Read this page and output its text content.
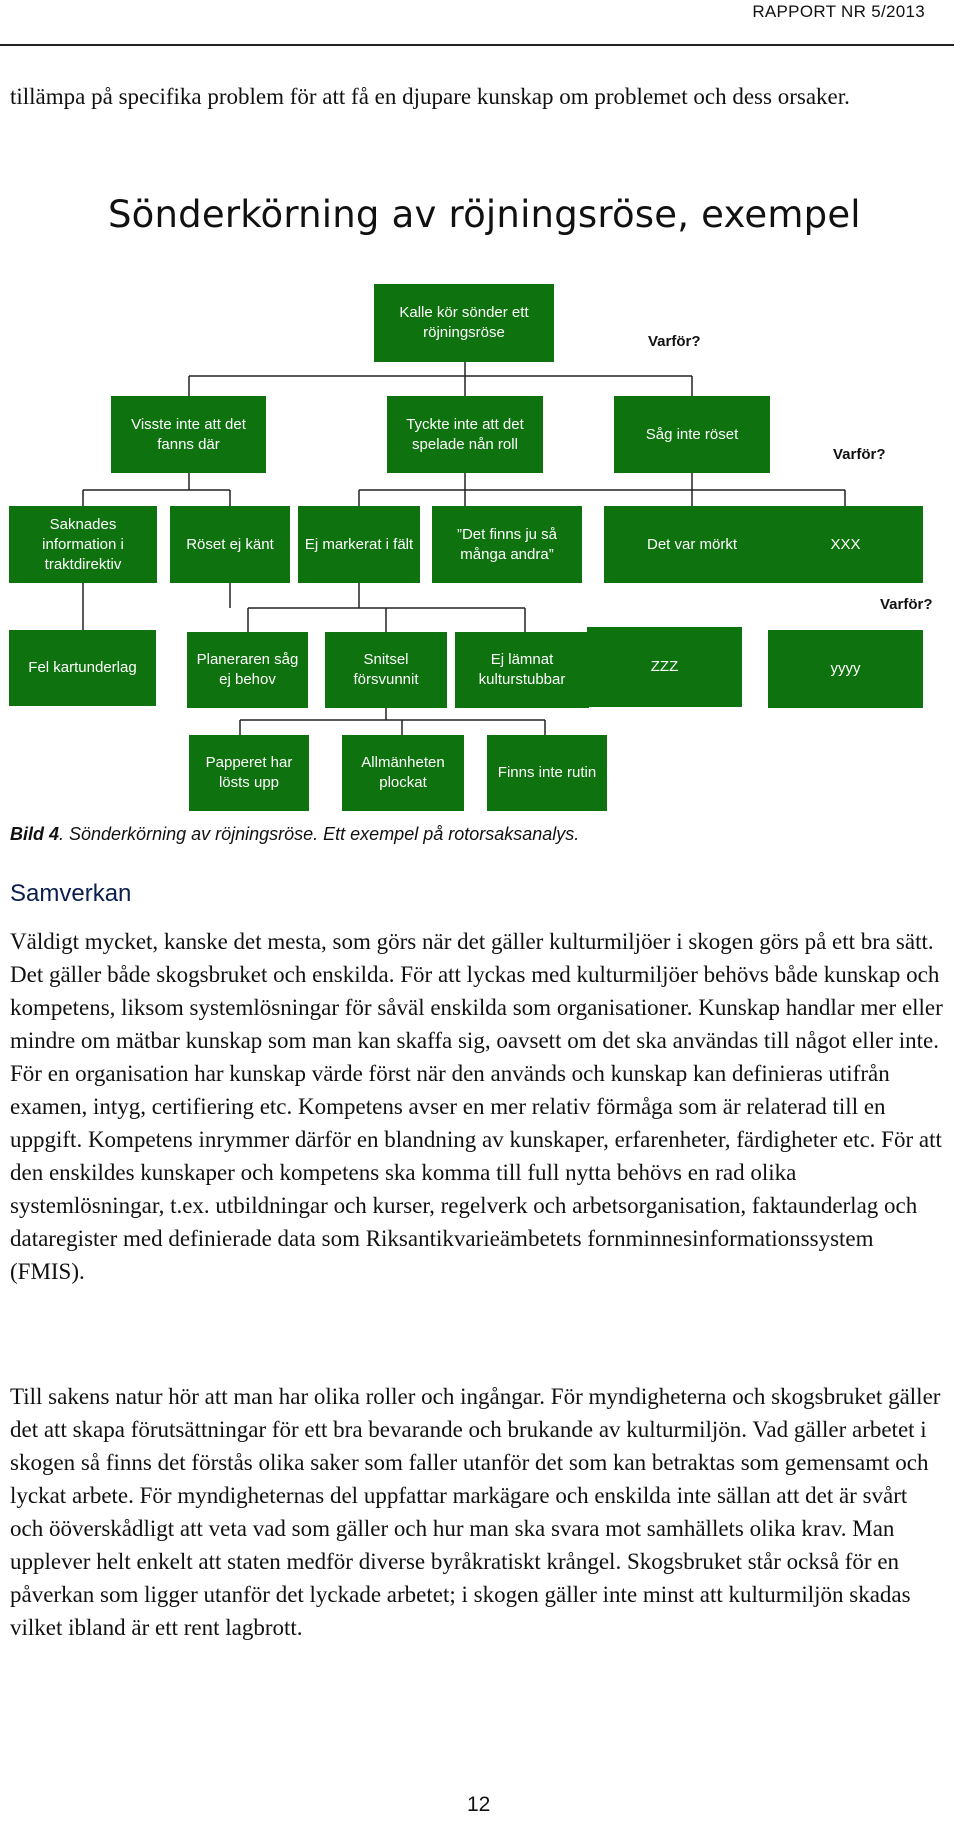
RAPPORT NR 5/2013
tillämpa på specifika problem för att få en djupare kunskap om problemet och dess orsaker.
Sönderkörning av röjningsröse, exempel
Kalle kör sönder ett röjningsröse
Varför?
Visste inte att det fanns där
Tyckte inte att det spelade nån roll
Såg inte röset
Varför?
Saknades information i traktdirektiv
Röset ej känt	Ej markerat i fält
”Det finns ju så många andra”
Det var mörkt	XXX
Varför?
Fel kartunderlag	Planeraren såg ej behov
Snitsel försvunnit
Ej lämnat kulturstubbar
ZZZ	yyyy
Papperet har lösts upp
Allmänheten plockat
Finns inte rutin
Bild 4. Sönderkörning av röjningsröse. Ett exempel på rotorsaksanalys.
Samverkan
Väldigt mycket, kanske det mesta, som görs när det gäller kulturmiljöer i skogen görs på ett bra sätt. Det gäller både skogsbruket och enskilda. För att lyckas med kulturmiljöer behövs både kunskap och kompetens, liksom systemlösningar för såväl enskilda som organisationer. Kunskap handlar mer eller mindre om mätbar kunskap som man kan skaffa sig, oavsett om det ska användas till något eller inte. För en organisation har kunskap värde först när den används och kunskap kan definieras utifrån examen, intyg, certifiering etc. Kompetens avser en mer relativ förmåga som är relaterad till en uppgift. Kompetens inrymmer därför en blandning av kunskaper, erfarenheter, färdigheter etc. För att den enskildes kunskaper och kompetens ska komma till full nytta behövs en rad olika systemlösningar, t.ex. utbildningar och kurser, regelverk och arbetsorganisation, faktaunderlag och dataregister med definierade data som Riksantikvarieämbetets fornminnesinformationssystem (FMIS).
Till sakens natur hör att man har olika roller och ingångar. För myndigheterna och skogsbruket gäller det att skapa förutsättningar för ett bra bevarande och brukande av kulturmiljön. Vad gäller arbetet i skogen så finns det förstås olika saker som faller utanför det som kan betraktas som gemensamt och lyckat arbete. För myndigheternas del uppfattar markägare och enskilda inte sällan att det är svårt och ööverskådligt att veta vad som gäller och hur man ska svara mot samhällets olika krav. Man upplever helt enkelt att staten medför diverse byråkratiskt krångel. Skogsbruket står också för en påverkan som ligger utanför det lyckade arbetet; i skogen gäller inte minst att kulturmiljön skadas vilket ibland är ett rent lagbrott.
12
